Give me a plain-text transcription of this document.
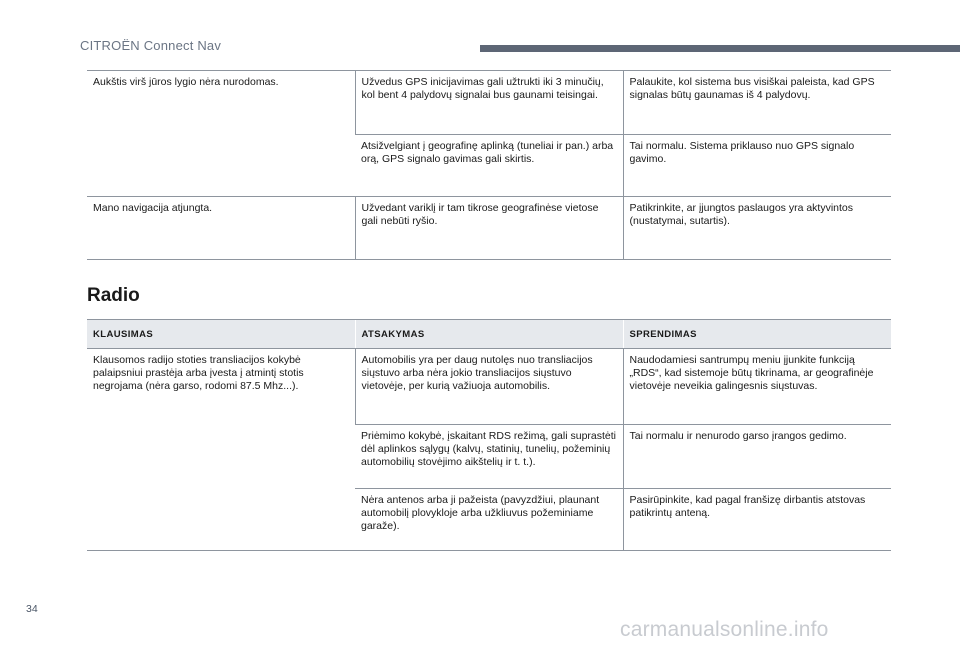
CITROËN Connect Nav
Aukštis virš jūros lygio nėra nurodomas.	Užvedus GPS inicijavimas gali užtrukti iki 3 minučių, kol bent 4 palydovų signalai bus gaunami teisingai.	Palaukite, kol sistema bus visiškai paleista, kad GPS signalas būtų gaunamas iš 4 palydovų.
	Atsižvelgiant į geografinę aplinką (tuneliai ir pan.) arba orą, GPS signalo gavimas gali skirtis.	Tai normalu. Sistema priklauso nuo GPS signalo gavimo.
Mano navigacija atjungta.	Užvedant variklį ir tam tikrose geografinėse vietose gali nebūti ryšio.	Patikrinkite, ar įjungtos paslaugos yra aktyvintos (nustatymai, sutartis).
Radio
KLAUSIMAS	ATSAKYMAS	SPRENDIMAS
Klausomos radijo stoties transliacijos kokybė palaipsniui prastėja arba įvesta į atmintį stotis negrojama (nėra garso, rodomi 87.5 Mhz...).	Automobilis yra per daug nutolęs nuo transliacijos siųstuvo arba nėra jokio transliacijos siųstuvo vietovėje, per kurią važiuoja automobilis.	Naudodamiesi santrumpų meniu įjunkite funkciją „RDS“, kad sistemoje būtų tikrinama, ar geografinėje vietovėje neveikia galingesnis siųstuvas.
	Priėmimo kokybė, įskaitant RDS režimą, gali suprastėti dėl aplinkos sąlygų (kalvų, statinių, tunelių, požeminių automobilių stovėjimo aikštelių ir t. t.).	Tai normalu ir nenurodo garso įrangos gedimo.
	Nėra antenos arba ji pažeista (pavyzdžiui, plaunant automobilį plovykloje arba užkliuvus požeminiame garaže).	Pasirūpinkite, kad pagal franšizę dirbantis atstovas patikrintų anteną.
34
carmanualsonline.info
